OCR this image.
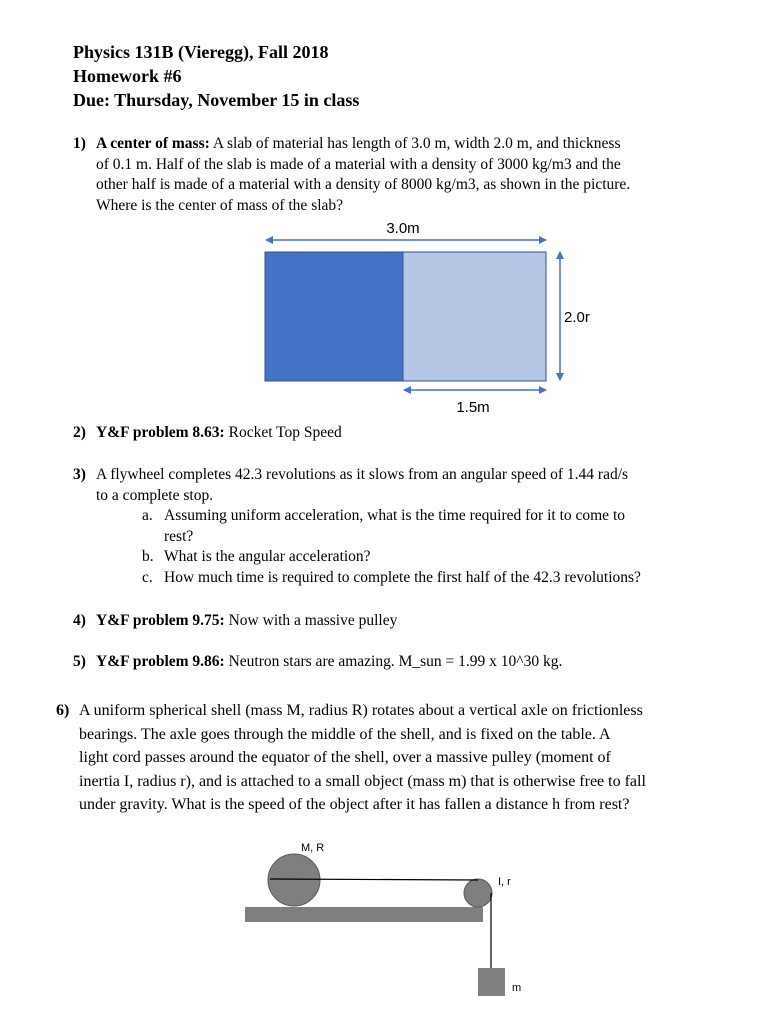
Physics 131B (Vieregg), Fall 2018
Homework #6
Due: Thursday, November 15 in class
1) A center of mass: A slab of material has length of 3.0 m, width 2.0 m, and thickness
of 0.1 m. Half of the slab is made of a material with a density of 3000 kg/m3 and the
other half is made of a material with a density of 8000 kg/m3, as shown in the picture.
Where is the center of mass of the slab?
3.0m
2.0r
1.5m
2) Y&F problem 8.63: Rocket Top Speed
3) A flywheel completes 42.3 revolutions as it slows from an angular speed of 1.44 rad/s
to a complete stop.
a. Assuming uniform acceleration, what is the time required for it to come to
rest?
b. What is the angular acceleration?
c. How much time is required to complete the first half of the 42.3 revolutions?
4) Y&F problem 9.75: Now with a massive pulley
5) Y&F problem 9.86: Neutron stars are amazing. M_sun = 1.99 x 10^30 kg.
6) A uniform spherical shell (mass M, radius R) rotates about a vertical axle on frictionless
bearings. The axle goes through the middle of the shell, and is fixed on the table. A
light cord passes around the equator of the shell, over a massive pulley (moment of
inertia I, radius r), and is attached to a small object (mass m) that is otherwise free to fall
under gravity. What is the speed of the object after it has fallen a distance h from rest?
M, R
I, r
m
